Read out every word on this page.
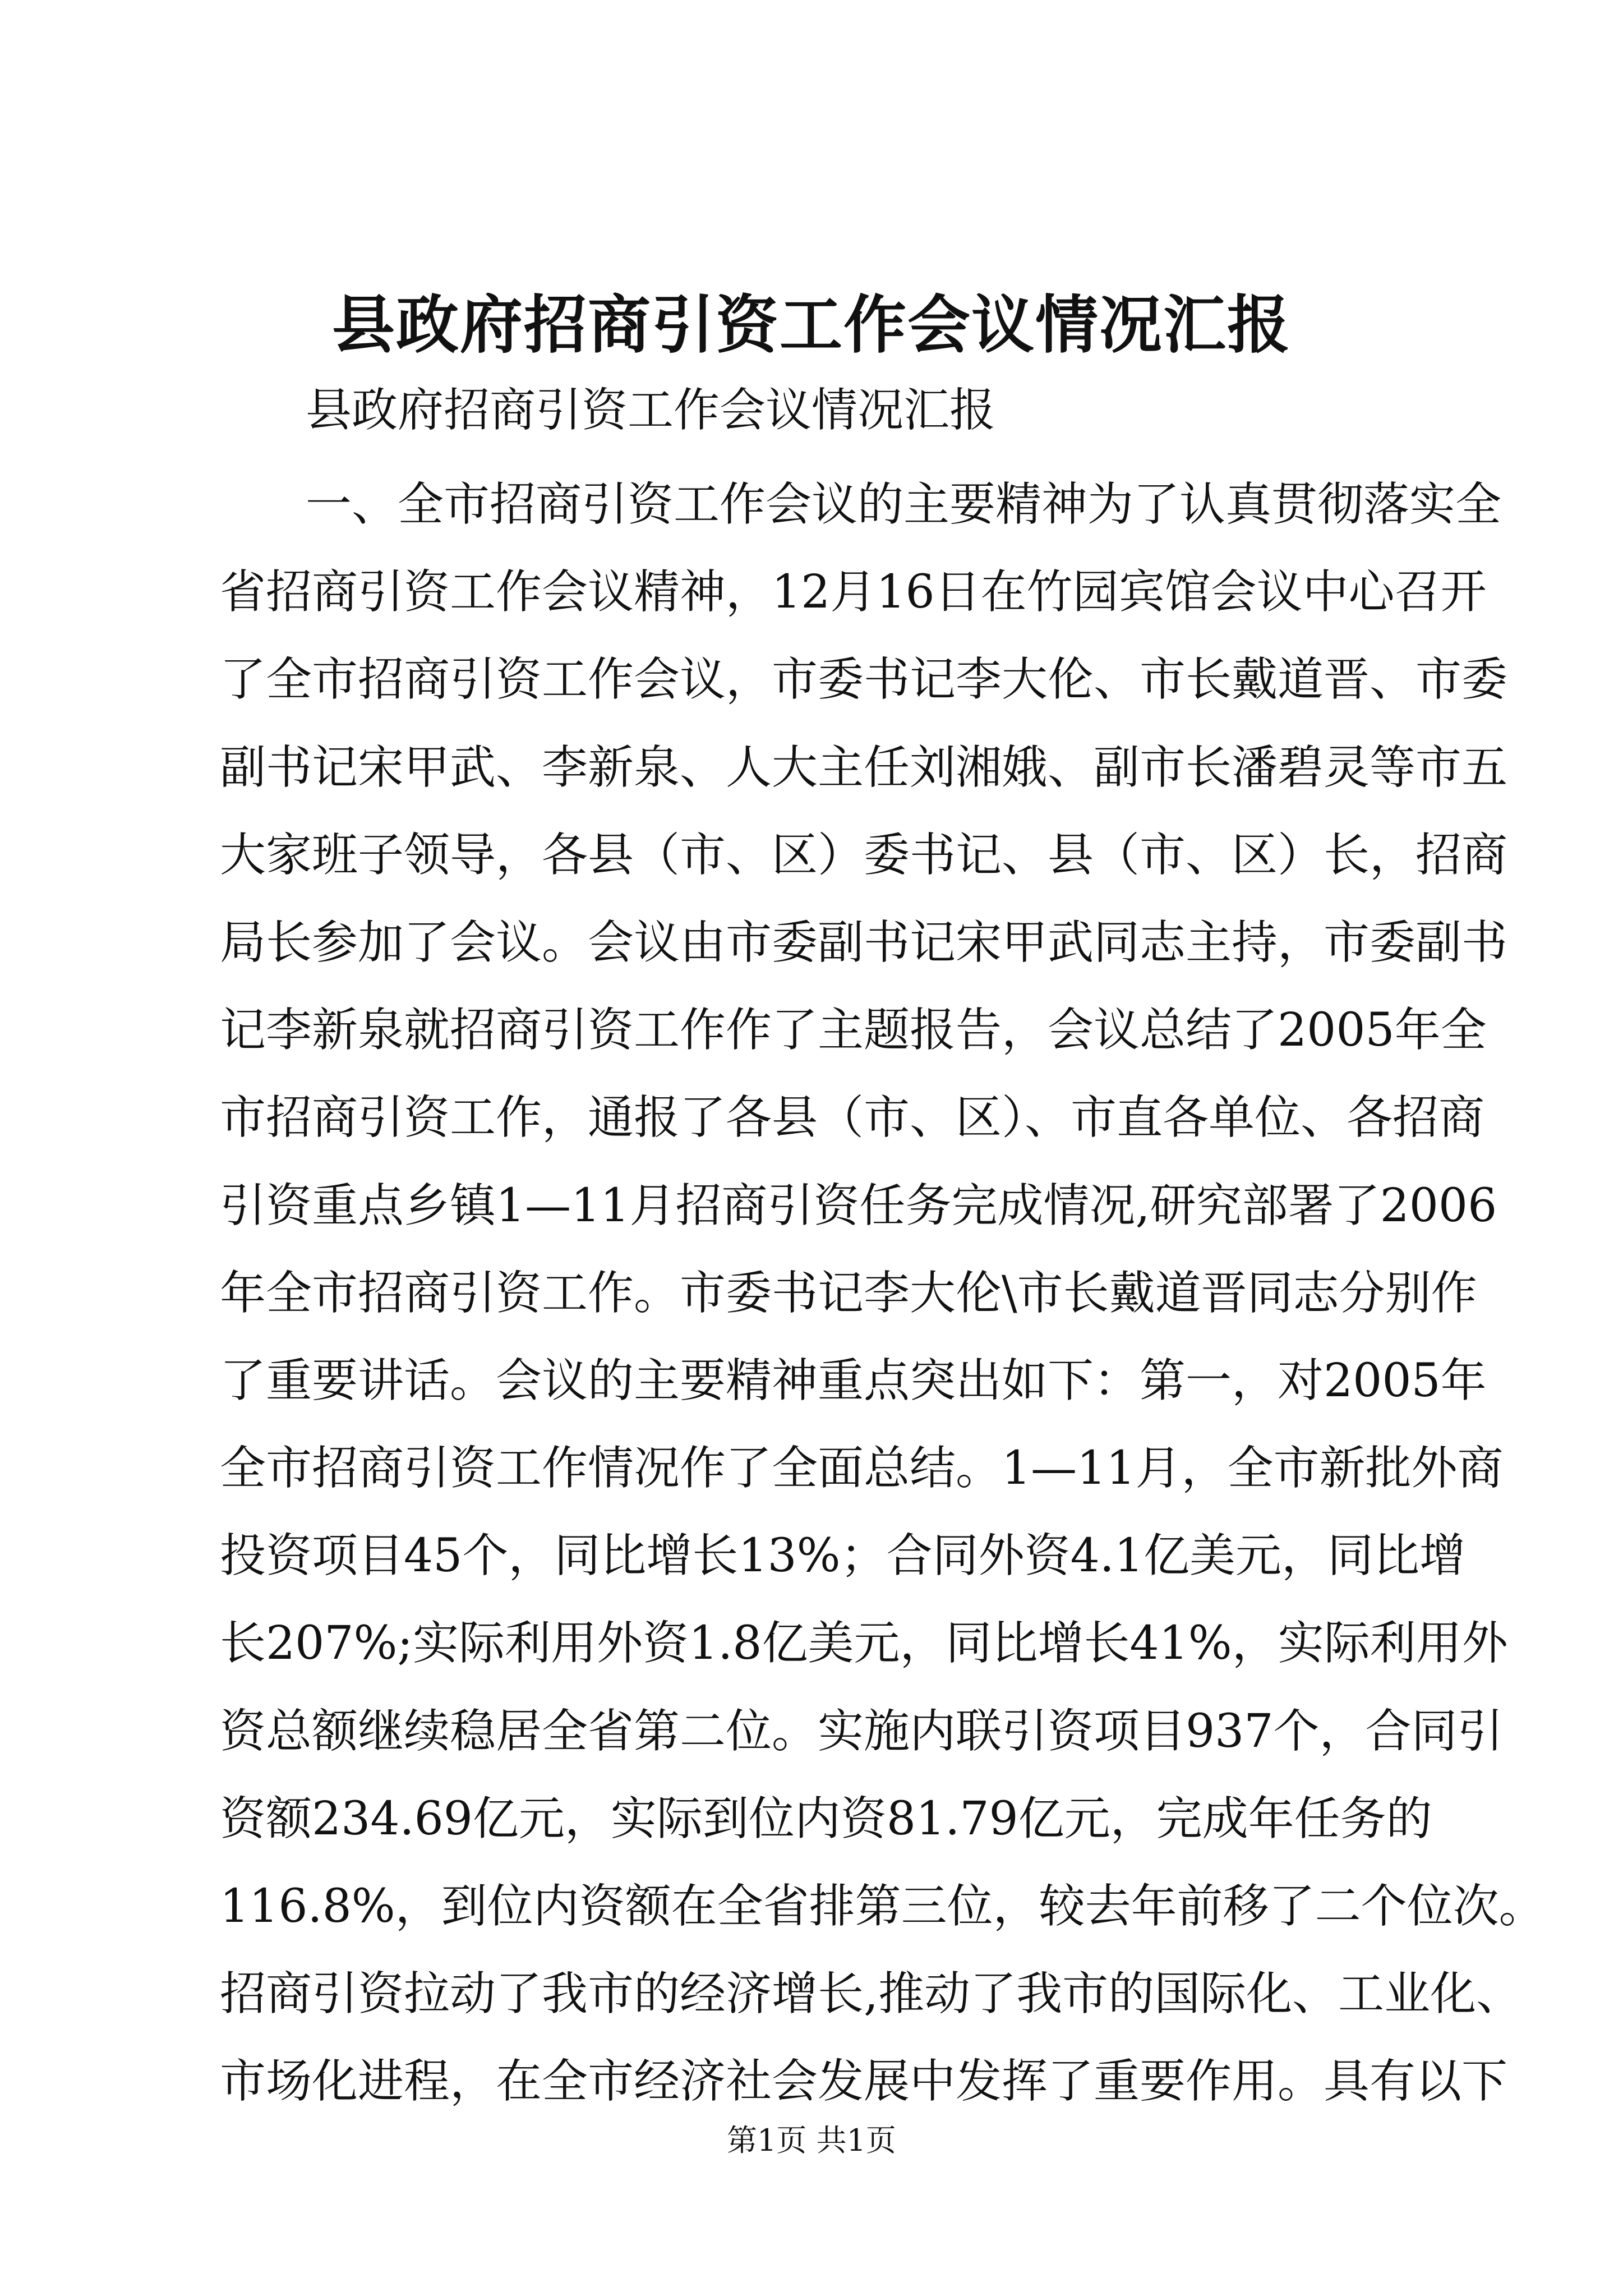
县政府招商引资工作会议情况汇报

县政府招商引资工作会议情况汇报

一、全市招商引资工作会议的主要精神为了认真贯彻落实全
省招商引资工作会议精神，12月16日在竹园宾馆会议中心召开
了全市招商引资工作会议，市委书记李大伦、市长戴道晋、市委
副书记宋甲武、李新泉、人大主任刘湘娥、副市长潘碧灵等市五
大家班子领导，各县（市、区）委书记、县（市、区）长，招商
局长参加了会议。会议由市委副书记宋甲武同志主持，市委副书
记李新泉就招商引资工作作了主题报告，会议总结了2005年全
市招商引资工作，通报了各县（市、区）、市直各单位、各招商
引资重点乡镇1—11月招商引资任务完成情况,研究部署了2006
年全市招商引资工作。市委书记李大伦\市长戴道晋同志分别作
了重要讲话。会议的主要精神重点突出如下：第一，对2005年
全市招商引资工作情况作了全面总结。1—11月，全市新批外商
投资项目45个，同比增长13%；合同外资4.1亿美元，同比增
长207%;实际利用外资1.8亿美元，同比增长41%，实际利用外
资总额继续稳居全省第二位。实施内联引资项目937个，合同引
资额234.69亿元，实际到位内资81.79亿元，完成年任务的
116.8%，到位内资额在全省排第三位，较去年前移了二个位次。
招商引资拉动了我市的经济增长,推动了我市的国际化、工业化、
市场化进程，在全市经济社会发展中发挥了重要作用。具有以下
第1页 共1页
